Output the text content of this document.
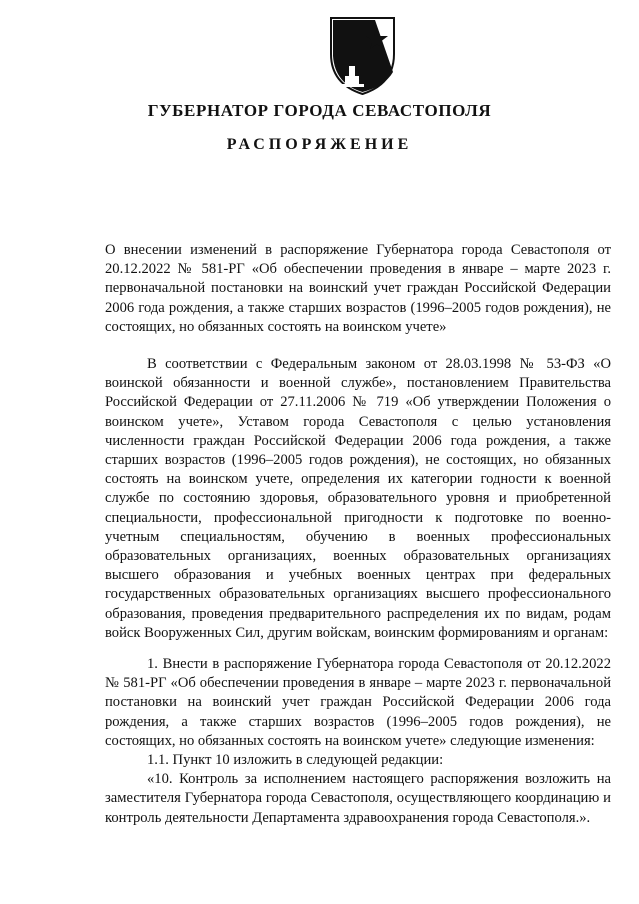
ГУБЕРНАТОР ГОРОДА СЕВАСТОПОЛЯ
РАСПОРЯЖЕНИЕ
О внесении изменений в распоряжение Губернатора города Севастополя от 20.12.2022 № 581-РГ «Об обеспечении проведения в январе – марте 2023 г. первоначальной постановки на воинский учет граждан Российской Федерации 2006 года рождения, а также старших возрастов (1996–2005 годов рождения), не состоящих, но обязанных состоять на воинском учете»

В соответствии с Федеральным законом от 28.03.1998 № 53-ФЗ «О воинской обязанности и военной службе», постановлением Правительства Российской Федерации от 27.11.2006 № 719 «Об утверждении Положения о воинском учете», Уставом города Севастополя с целью установления численности граждан Российской Федерации 2006 года рождения, а также старших возрастов (1996–2005 годов рождения), не состоящих, но обязанных состоять на воинском учете, определения их категории годности к военной службе по состоянию здоровья, образовательного уровня и приобретенной специальности, профессиональной пригодности к подготовке по военно-учетным специальностям, обучению в военных профессиональных образовательных организациях, военных образовательных организациях высшего образования и учебных военных центрах при федеральных государственных образовательных организациях высшего профессионального образования, проведения предварительного распределения их по видам, родам войск Вооруженных Сил, другим войскам, воинским формированиям и органам:

1. Внести в распоряжение Губернатора города Севастополя от 20.12.2022 № 581-РГ «Об обеспечении проведения в январе – марте 2023 г. первоначальной постановки на воинский учет граждан Российской Федерации 2006 года рождения, а также старших возрастов (1996–2005 годов рождения), не состоящих, но обязанных состоять на воинском учете» следующие изменения:

1.1. Пункт 10 изложить в следующей редакции:

«10. Контроль за исполнением настоящего распоряжения возложить на заместителя Губернатора города Севастополя, осуществляющего координацию и контроль деятельности Департамента здравоохранения города Севастополя.».
